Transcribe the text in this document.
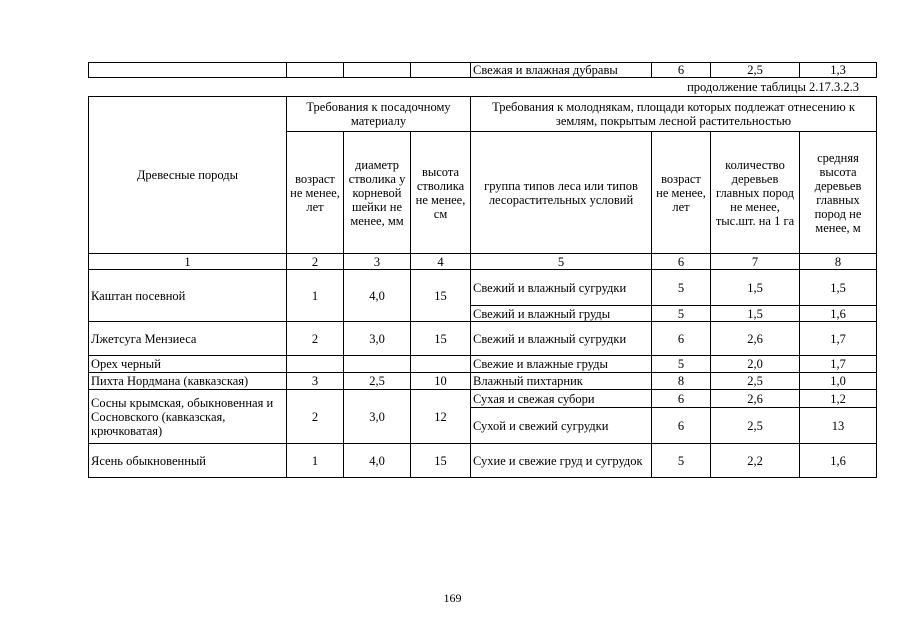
				Свежая и влажная дубравы	6	2,5	1,3
продолжение таблицы 2.17.3.2.3
Древесные породы	Требования к посадочному материалу			Требования к молоднякам, площади которых подлежат отнесению к землям, покрытым лесной растительностью			
	возраст не менее, лет	диаметр стволика у корневой шейки не менее, мм	высота стволика не менее, см	группа типов леса или типов лесорастительных условий	возраст не менее, лет	количество деревьев главных пород не менее, тыс.шт. на 1 га	средняя высота деревьев главных пород не менее, м
1	2	3	4	5	6	7	8
Каштан посевной	1	4,0	15	Свежий и влажный сугрудки	5	1,5	1,5
				Свежий и влажный груды	5	1,5	1,6
Лжетсуга Мензиеса	2	3,0	15	Свежий и влажный сугрудки	6	2,6	1,7
Орех черный				Свежие и влажные груды	5	2,0	1,7
Пихта Нордмана (кавказская)	3	2,5	10	Влажный пихтарник	8	2,5	1,0
Сосны крымская, обыкновенная и Сосновского (кавказская, крючковатая)	2	3,0	12	Сухая и свежая субори	6	2,6	1,2
				Сухой и свежий сугрудки	6	2,5	13
Ясень обыкновенный	1	4,0	15	Сухие и свежие груд и сугрудок	5	2,2	1,6
169
